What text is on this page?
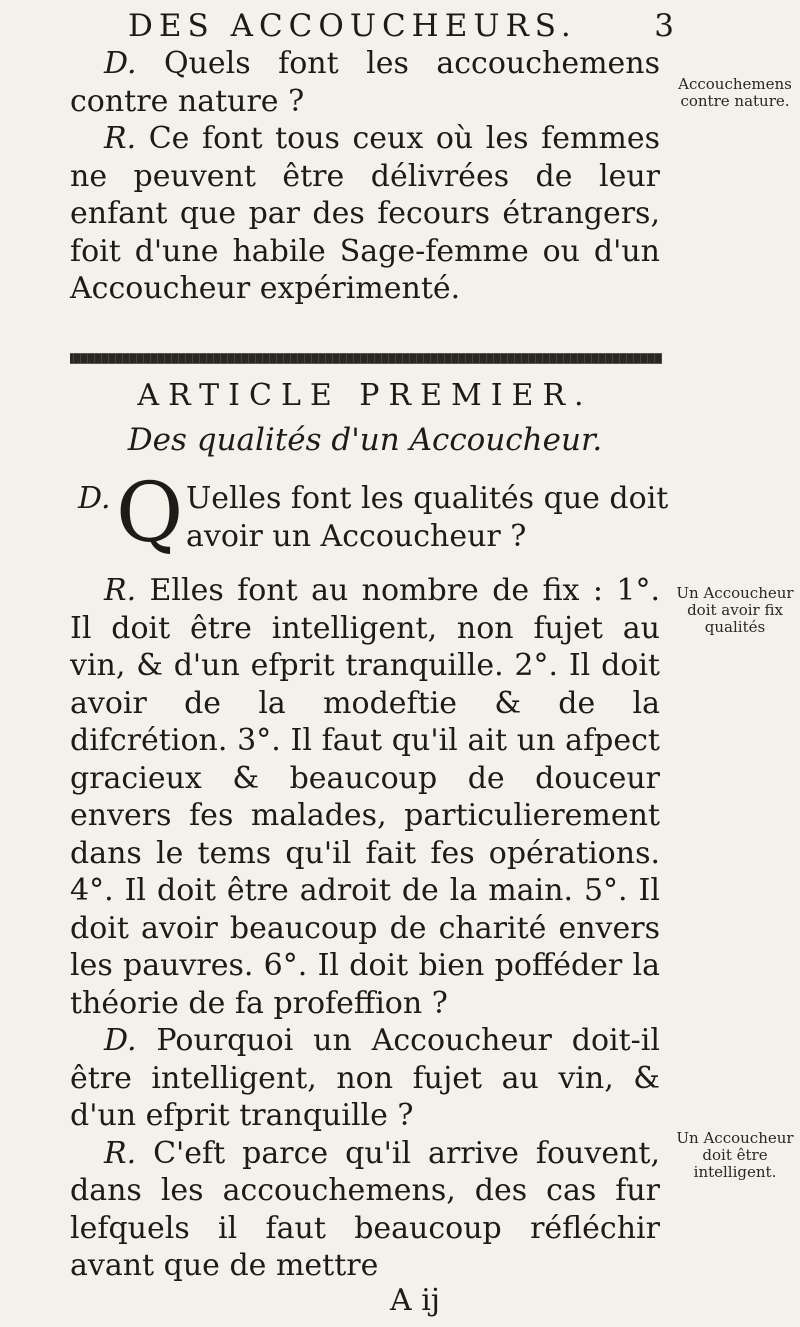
DES ACCOUCHEURS. 3

D. Quels font les accouchemens contre nature ?

R. Ce font tous ceux où les femmes ne peuvent être délivrées de leur enfant que par des fecours étrangers, foit d'une habile Sage-femme ou d'un Accoucheur expérimenté.

ARTICLE PREMIER.
Des qualités d'un Accoucheur.
D. Q Uelles font les qualités que doit
avoir un Accoucheur ?

R. Elles font au nombre de fix : 1°. Il doit être intelligent, non fujet au vin, & d'un efprit tranquille. 2°. Il doit avoir de la modeftie & de la difcrétion. 3°. Il faut qu'il ait un afpect gracieux & beaucoup de douceur envers fes malades, particulierement dans le tems qu'il fait fes opérations. 4°. Il doit être adroit de la main. 5°. Il doit avoir beaucoup de charité envers les pauvres. 6°. Il doit bien pofféder la théorie de fa profeffion ?

D. Pourquoi un Accoucheur doit-il être intelligent, non fujet au vin, & d'un efprit tranquille ?

R. C'eft parce qu'il arrive fouvent, dans les accouchemens, des cas fur lefquels il faut beaucoup réfléchir avant que de mettre

Accouchemens contre nature.
Un Accoucheur doit avoir fix qualités
Un Accoucheur doit être intelligent.
A ij
